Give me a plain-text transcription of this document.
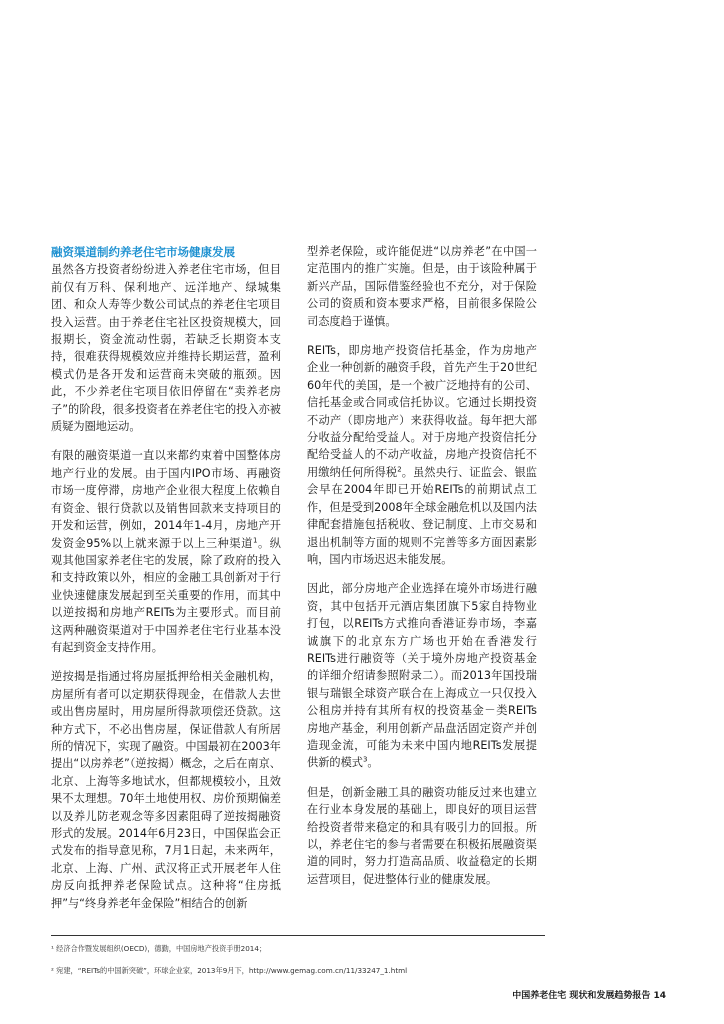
融资渠道制约养老住宅市场健康发展

虽然各方投资者纷纷进入养老住宅市场，但目前仅有万科、保利地产、远洋地产、绿城集团、和众人寿等少数公司试点的养老住宅项目投入运营。由于养老住宅社区投资规模大，回报期长，资金流动性弱，若缺乏长期资本支持，很难获得规模效应并维持长期运营，盈利模式仍是各开发和运营商未突破的瓶颈。因此，不少养老住宅项目依旧停留在“卖养老房子”的阶段，很多投资者在养老住宅的投入亦被质疑为圈地运动。

有限的融资渠道一直以来都约束着中国整体房地产行业的发展。由于国内IPO市场、再融资市场一度停滞，房地产企业很大程度上依赖自有资金、银行贷款以及销售回款来支持项目的开发和运营，例如，2014年1-4月，房地产开发资金95%以上就来源于以上三种渠道$^1$。纵观其他国家养老住宅的发展，除了政府的投入和支持政策以外，相应的金融工具创新对于行业快速健康发展起到至关重要的作用，而其中以逆按揭和房地产REITs为主要形式。而目前这两种融资渠道对于中国养老住宅行业基本没有起到资金支持作用。

逆按揭是指通过将房屋抵押给相关金融机构，房屋所有者可以定期获得现金，在借款人去世或出售房屋时，用房屋所得款项偿还贷款。这种方式下，不必出售房屋，保证借款人有所居所的情况下，实现了融资。中国最初在2003年提出“以房养老”（逆按揭）概念，之后在南京、北京、上海等多地试水，但都规模较小，且效果不太理想。70年土地使用权、房价预期偏差以及养儿防老观念等多因素阻碍了逆按揭融资形式的发展。2014年6月23日，中国保监会正式发布的指导意见称，7月1日起，未来两年，北京、上海、广州、武汉将正式开展老年人住房反向抵押养老保险试点。这种将“住房抵押”与“终身养老年金保险”相结合的创新

型养老保险，或许能促进“以房养老”在中国一定范围内的推广实施。但是，由于该险种属于新兴产品，国际借鉴经验也不充分，对于保险公司的资质和资本要求严格，目前很多保险公司态度趋于谨慎。

REITs，即房地产投资信托基金，作为房地产企业一种创新的融资手段，首先产生于20世纪60年代的美国，是一个被广泛地持有的公司、信托基金或合同或信托协议。它通过长期投资不动产（即房地产）来获得收益。每年把大部分收益分配给受益人。对于房地产投资信托分配给受益人的不动产收益，房地产投资信托不用缴纳任何所得税$^2$。虽然央行、证监会、银监会早在2004年即已开始REITs的前期试点工作，但是受到2008年全球金融危机以及国内法律配套措施包括税收、登记制度、上市交易和退出机制等方面的规则不完善等多方面因素影响，国内市场迟迟未能发展。

因此，部分房地产企业选择在境外市场进行融资，其中包括开元酒店集团旗下5家自持物业打包，以REITs方式推向香港证券市场，李嘉诚旗下的北京东方广场也开始在香港发行REITs进行融资等（关于境外房地产投资基金的详细介绍请参照附录二）。而2013年国投瑞银与瑞银全球资产联合在上海成立一只仅投入公租房并持有其所有权的投资基金－类REITs房地产基金，利用创新产品盘活固定资产并创造现金流，可能为未来中国内地REITs发展提供新的模式$^3$。

但是，创新金融工具的融资功能反过来也建立在行业本身发展的基础上，即良好的项目运营给投资者带来稳定的和具有吸引力的回报。所以，养老住宅的参与者需要在积极拓展融资渠道的同时，努力打造高品质、收益稳定的长期运营项目，促进整体行业的健康发展。

¹ 经济合作暨发展组织(OECD)，德勤，中国房地产投资手册2014；
² 宛建，“REITs的中国新突破”，环球企业家，2013年9月下，http://www.gemag.com.cn/11/33247_1.html
中国养老住宅 现状和发展趋势报告 14
